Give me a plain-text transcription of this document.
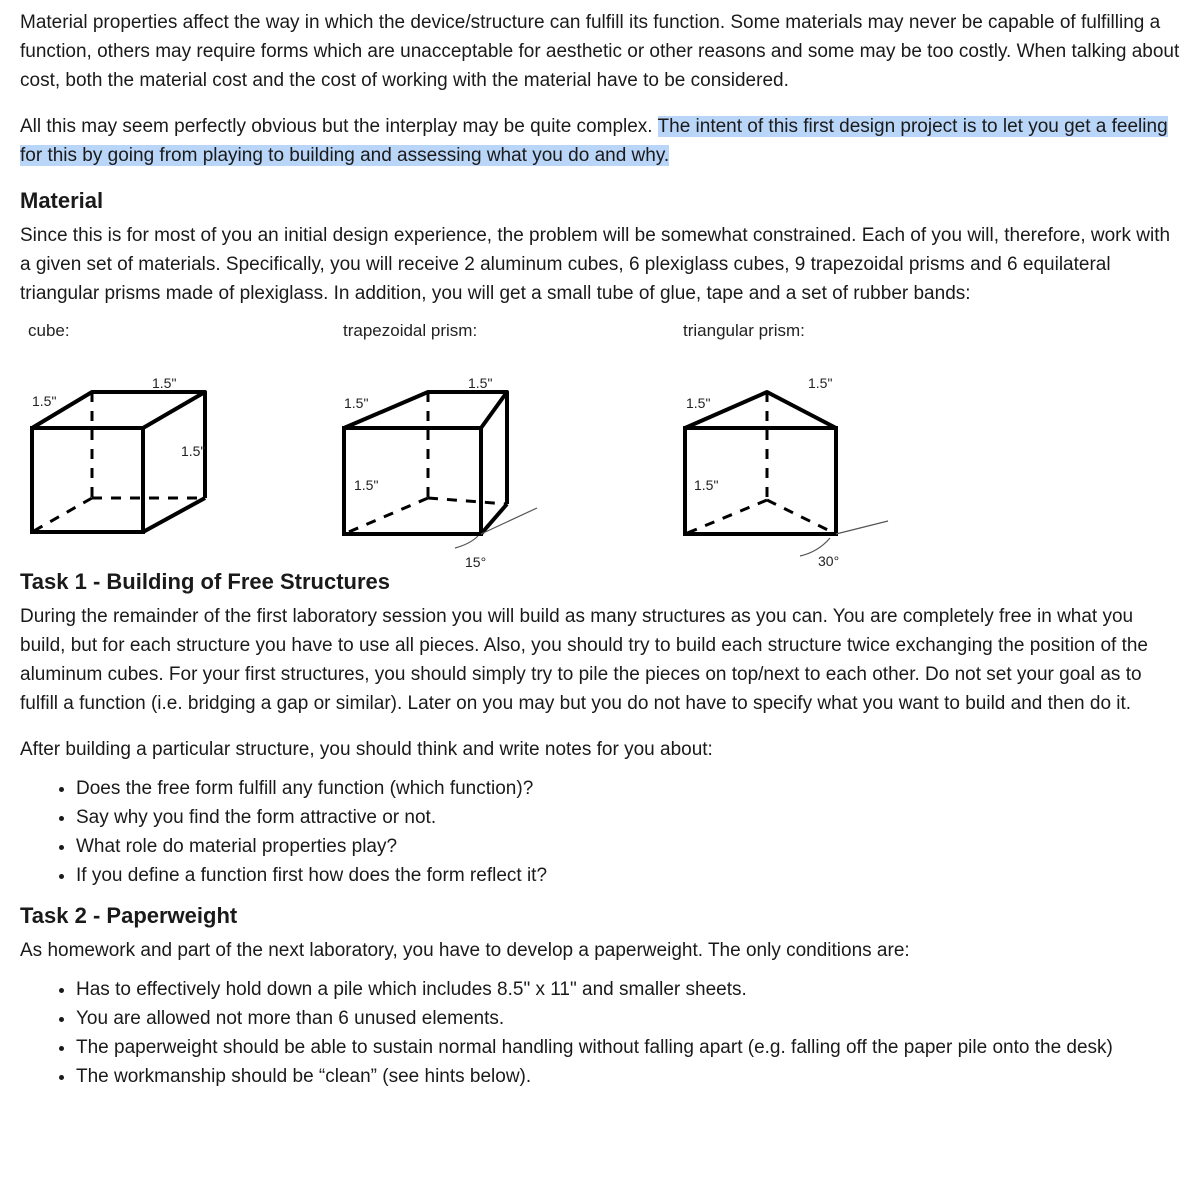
Material properties affect the way in which the device/structure can fulfill its function. Some materials may never be capable of fulfilling a function, others may require forms which are unacceptable for aesthetic or other reasons and some may be too costly. When talking about cost, both the material cost and the cost of working with the material have to be considered.

All this may seem perfectly obvious but the interplay may be quite complex. The intent of this first design project is to let you get a feeling for this by going from playing to building and assessing what you do and why.

Material

Since this is for most of you an initial design experience, the problem will be somewhat constrained. Each of you will, therefore, work with a given set of materials. Specifically, you will receive 2 aluminum cubes, 6 plexiglass cubes, 9 trapezoidal prisms and 6 equilateral triangular prisms made of plexiglass. In addition, you will get a small tube of glue, tape and a set of rubber bands:

cube:
1.5"
1.5"
1.5"
trapezoidal prism:
1.5"
1.5"
1.5"
15°
triangular prism:
1.5"
1.5"
1.5"
30°
Task 1 - Building of Free Structures

During the remainder of the first laboratory session you will build as many structures as you can. You are completely free in what you build, but for each structure you have to use all pieces. Also, you should try to build each structure twice exchanging the position of the aluminum cubes. For your first structures, you should simply try to pile the pieces on top/next to each other. Do not set your goal as to fulfill a function (i.e. bridging a gap or similar). Later on you may but you do not have to specify what you want to build and then do it.

After building a particular structure, you should think and write notes for you about:

• Does the free form fulfill any function (which function)?
• Say why you find the form attractive or not.
• What role do material properties play?
• If you define a function first how does the form reflect it?
Task 2 - Paperweight

As homework and part of the next laboratory, you have to develop a paperweight. The only conditions are:

• Has to effectively hold down a pile which includes 8.5" x 11" and smaller sheets.
• You are allowed not more than 6 unused elements.
• The paperweight should be able to sustain normal handling without falling apart (e.g. falling off the paper pile onto the desk)
• The workmanship should be “clean” (see hints below).
